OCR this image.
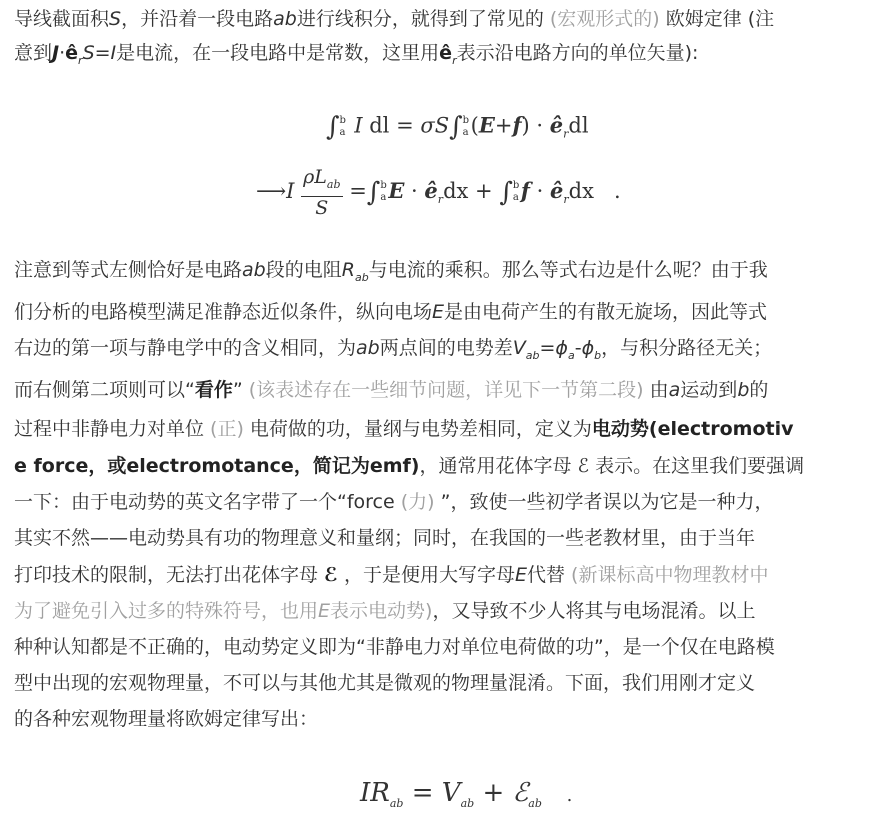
导线截面积S，并沿着一段电路ab进行线积分，就得到了常见的 (宏观形式的) 欧姆定律 (注
意到$J\cdot ê_rS=I$是电流，在一段电路中是常数，这里用$ê_r$表示沿电路方向的单位矢量):
∫b
a I dl = σS∫b
$a(E+f) \cdot ê_rdl$
⟶I $\frac{\rho L_{ab}}{S} =\int b$
aE · $ê_rdx + \int b$
af · $ê_rdx$ .
注意到等式左侧恰好是电路ab段的电阻$R_{ab}$与电流的乘积。那么等式右边是什么呢？由于我
们分析的电路模型满足准静态近似条件，纵向电场E是由电荷产生的有散无旋场，因此等式
右边的第一项与静电学中的含义相同，为ab两点间的电势差$V_{ab}=\phi_a-\phi_b$，与积分路径无关；
而右侧第二项则可以“看作” (该表述存在一些细节问题，详见下一节第二段) 由a运动到b的
过程中非静电力对单位 (正) 电荷做的功，量纲与电势差相同，定义为电动势(electromotiv
e force，或electromotance，简记为emf)，通常用花体字母 ℰ 表示。在这里我们要强调
一下：由于电动势的英文名字带了一个“force (力) ”，致使一些初学者误以为它是一种力，
其实不然——电动势具有功的物理意义和量纲；同时，在我国的一些老教材里，由于当年
打印技术的限制，无法打出花体字母 ℰ ，于是便用大写字母E代替 (新课标高中物理教材中
为了避免引入过多的特殊符号，也用E表示电动势)，又导致不少人将其与电场混淆。以上
种种认知都是不正确的，电动势定义即为“非静电力对单位电荷做的功”，是一个仅在电路模
型中出现的宏观物理量，不可以与其他尤其是微观的物理量混淆。下面，我们用刚才定义
的各种宏观物理量将欧姆定律写出：
$IR_{ab} = V_{ab}$ + ℰ$_{ab}$ .
